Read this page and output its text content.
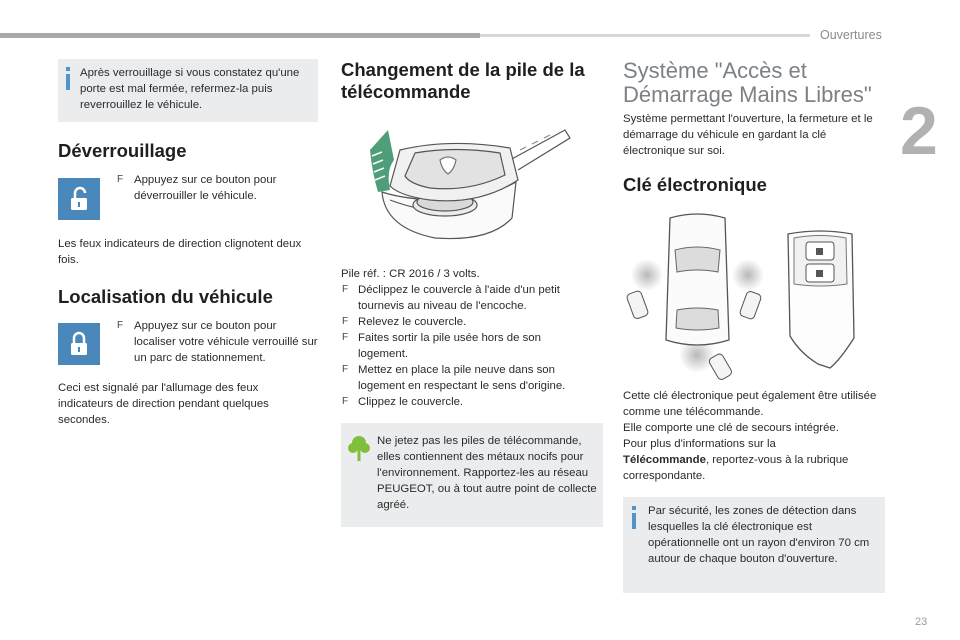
Ouvertures
2
23

Après verrouillage si vous constatez qu'une porte est mal fermée, refermez-la puis reverrouillez le véhicule.

Déverrouillage
F Appuyez sur ce bouton pour déverrouiller le véhicule.

Les feux indicateurs de direction clignotent deux fois.

Localisation du véhicule
F Appuyez sur ce bouton pour localiser votre véhicule verrouillé sur un parc de stationnement.

Ceci est signalé par l'allumage des feux indicateurs de direction pendant quelques secondes.

Changement de la pile de la télécommande

Pile réf. : CR 2016 / 3 volts.

F Déclippez le couvercle à l'aide d'un petit tournevis au niveau de l'encoche.

F Relevez le couvercle.

F Faites sortir la pile usée hors de son logement.

F Mettez en place la pile neuve dans son logement en respectant le sens d'origine.

F Clippez le couvercle.

Ne jetez pas les piles de télécommande, elles contiennent des métaux nocifs pour l'environnement. Rapportez-les au réseau PEUGEOT, ou à tout autre point de collecte agréé.

Système "Accès et Démarrage Mains Libres"

Système permettant l'ouverture, la fermeture et le démarrage du véhicule en gardant la clé électronique sur soi.

Clé électronique

Cette clé électronique peut également être utilisée comme une télécommande.

Elle comporte une clé de secours intégrée.

Pour plus d'informations sur la
Télécommande, reportez-vous à la rubrique correspondante.

Par sécurité, les zones de détection dans lesquelles la clé électronique est opérationnelle ont un rayon d'environ 70 cm autour de chaque bouton d'ouverture.
